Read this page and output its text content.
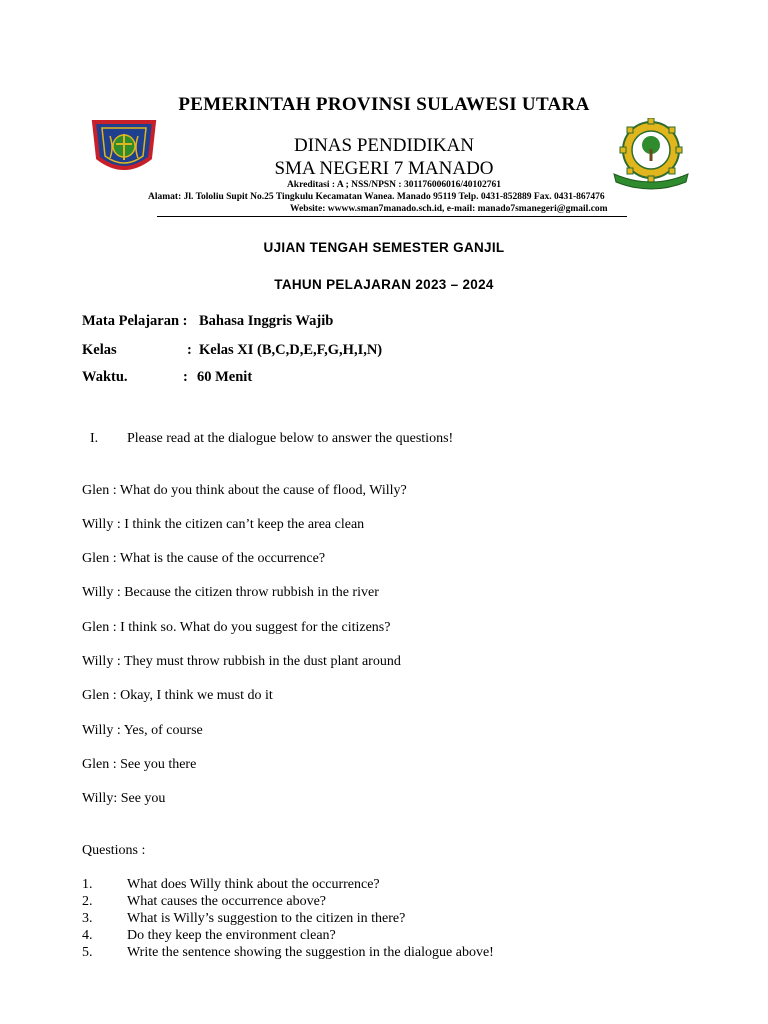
PEMERINTAH PROVINSI SULAWESI UTARA
DINAS PENDIDIKAN
SMA NEGERI 7 MANADO
Akreditasi : A ; NSS/NPSN : 301176006016/40102761
Alamat: Jl. Tololiu Supit No.25 Tingkulu Kecamatan Wanea. Manado 95119 Telp. 0431-852889 Fax. 0431-867476
Website: wwww.sman7manado.sch.id, e-mail: manado7smanegeri@gmail.com
UJIAN TENGAH SEMESTER GANJIL
TAHUN PELAJARAN 2023 – 2024
Mata Pelajaran : Bahasa Inggris Wajib
Kelas	: Kelas XI (B,C,D,E,F,G,H,I,N)
Waktu.	: 60 Menit
I. Please read at the dialogue below to answer the questions!
Glen : What do you think about the cause of flood, Willy?
Willy : I think the citizen can’t keep the area clean
Glen : What is the cause of the occurrence?
Willy : Because the citizen throw rubbish in the river
Glen : I think so. What do you suggest for the citizens?
Willy : They must throw rubbish in the dust plant around
Glen : Okay, I think we must do it
Willy : Yes, of course
Glen : See you there
Willy: See you
Questions :
1. What does Willy think about the occurrence?
2. What causes the occurrence above?
3. What is Willy’s suggestion to the citizen in there?
4. Do they keep the environment clean?
5. Write the sentence showing the suggestion in the dialogue above!
